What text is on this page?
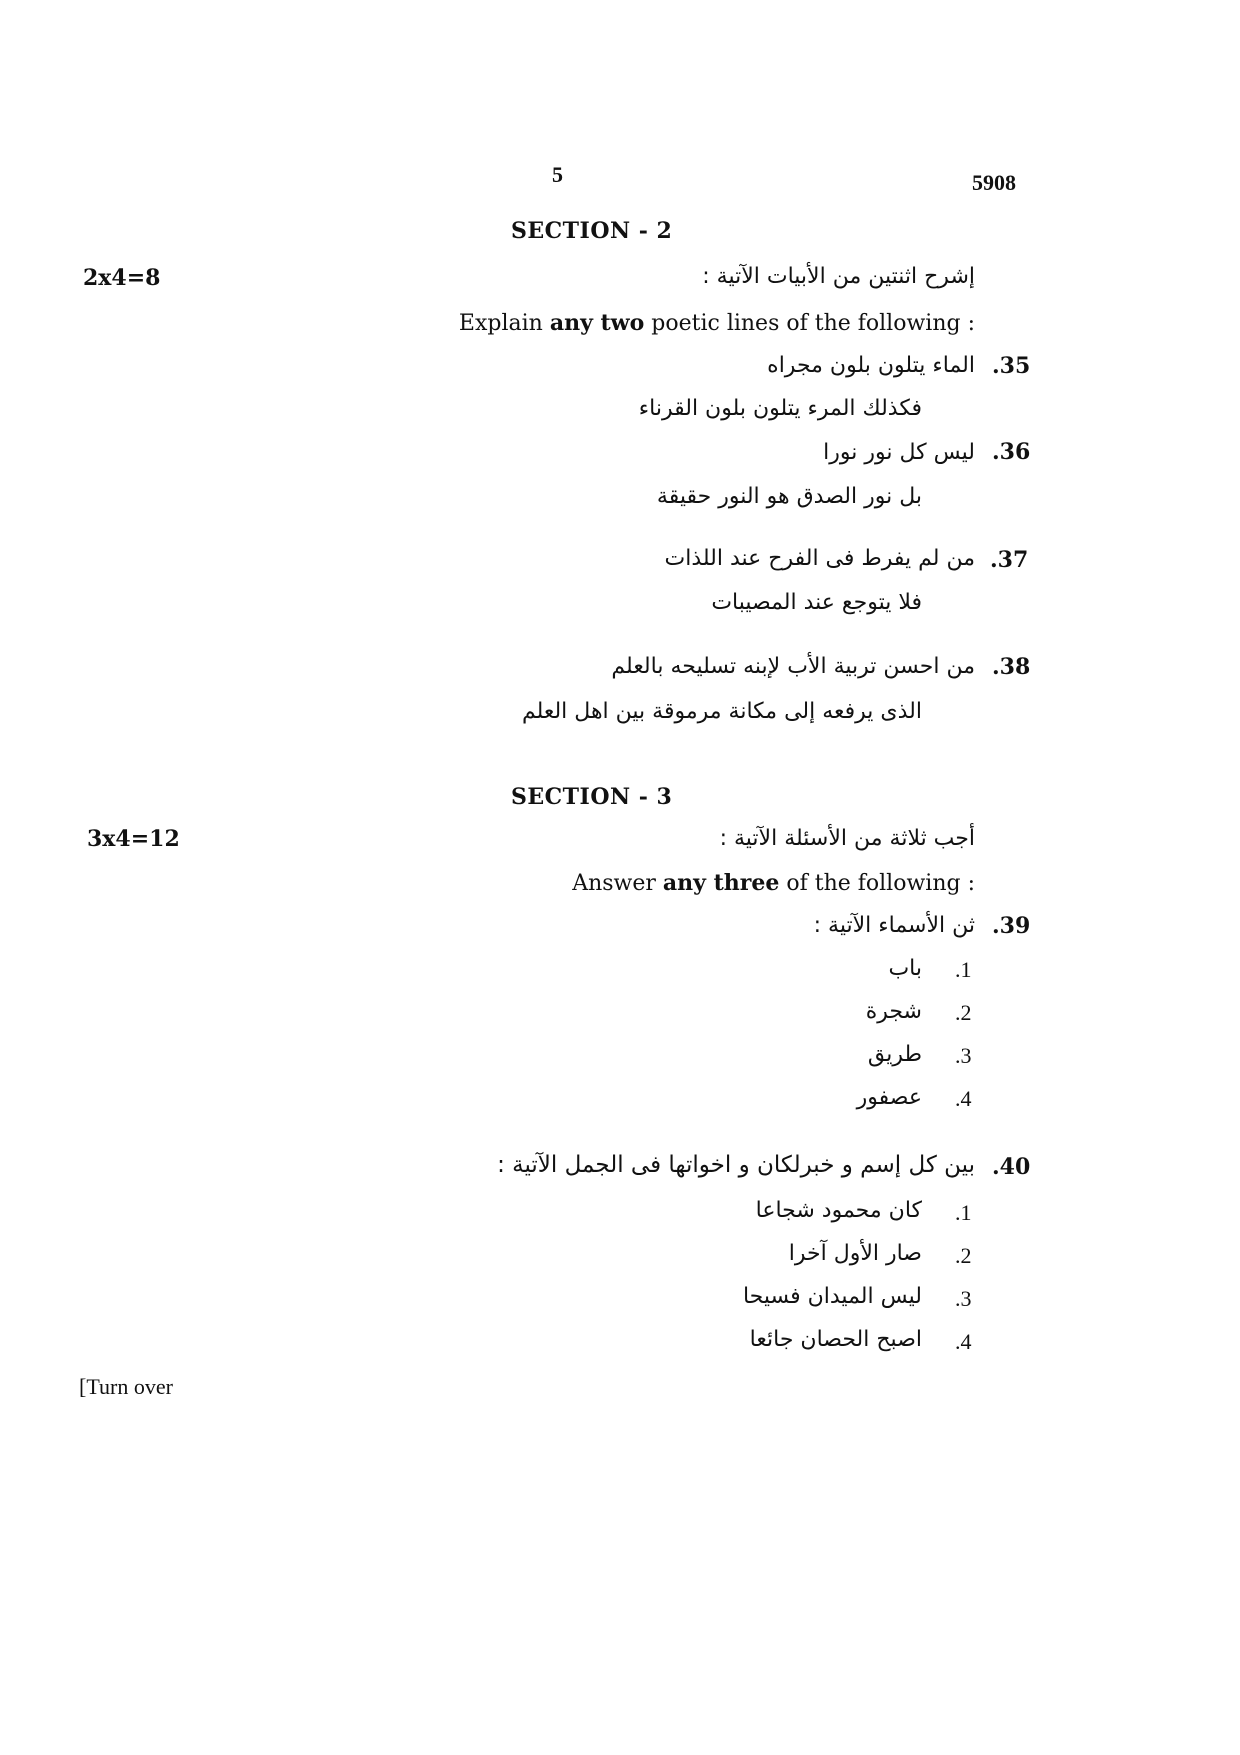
5	5908
SECTION - 2
2x4=8	إشرح اثنتين من الأبيات الآتية :
Explain any two poetic lines of the following :
.35
الماء يتلون بلون مجراه
فكذلك المرء يتلون بلون القرناء
.36
ليس كل نور نورا
بل نور الصدق هو النور حقيقة
.37
من لم يفرط فى الفرح عند اللذات
فلا يتوجع عند المصيبات
.38
من احسن تربية الأب لإبنه تسليحه بالعلم
الذى يرفعه إلى مكانة مرموقة بين اهل العلم
SECTION - 3
3x4=12	أجب ثلاثة من الأسئلة الآتية :
Answer any three of the following :
.39
ثن الأسماء الآتية :
.1
باب
.2
شجرة
.3
طريق
.4
عصفور
.40
بين كل إسم و خبرلكان و اخواتها فى الجمل الآتية :
.1
كان محمود شجاعا
.2
صار الأول آخرا
.3
ليس الميدان فسيحا
.4
اصبح الحصان جائعا
[Turn over
